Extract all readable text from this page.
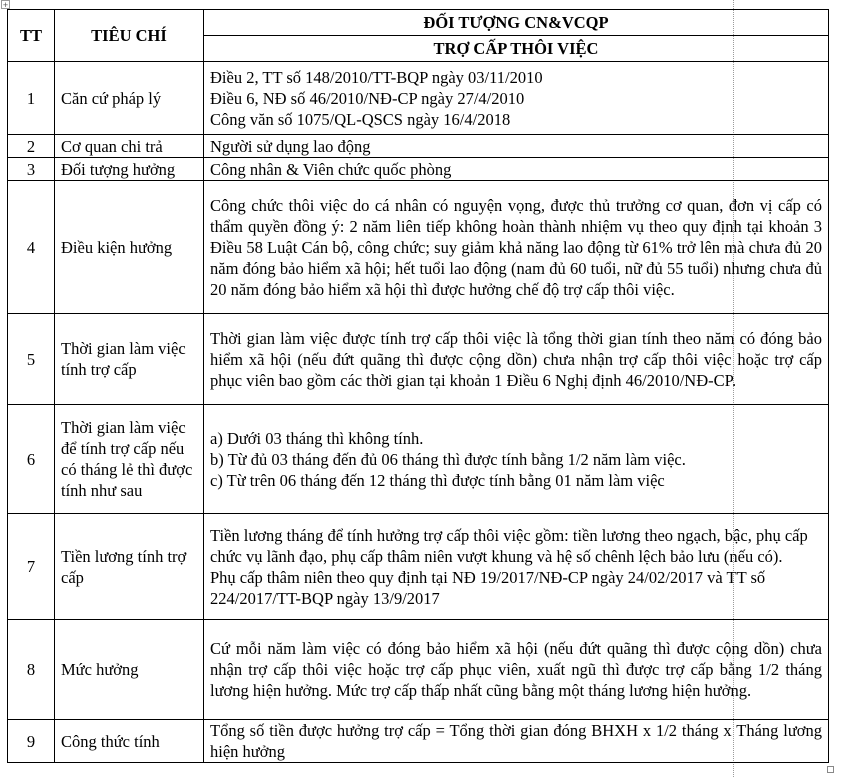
+
TT	TIÊU CHÍ	ĐỐI TƯỢNG CN&VCQP
		TRỢ CẤP THÔI VIỆC
1	Căn cứ pháp lý	Điều 2, TT số 148/2010/TT-BQP ngày 03/11/2010
Điều 6, NĐ số 46/2010/NĐ-CP ngày 27/4/2010
Công văn số 1075/QL-QSCS ngày 16/4/2018

2	Cơ quan chi trả	Người sử dụng lao động

3	Đối tượng hưởng	Công nhân & Viên chức quốc phòng

4	Điều kiện hưởng	Công chức thôi việc do cá nhân có nguyện vọng, được thủ trưởng cơ quan, đơn vị cấp có thẩm quyền đồng ý: 2 năm liên tiếp không hoàn thành nhiệm vụ theo quy định tại khoản 3 Điều 58 Luật Cán bộ, công chức; suy giảm khả năng lao động từ 61% trở lên mà chưa đủ 20 năm đóng bảo hiểm xã hội; hết tuổi lao động (nam đủ 60 tuổi, nữ đủ 55 tuổi) nhưng chưa đủ 20 năm đóng bảo hiểm xã hội thì được hưởng chế độ trợ cấp thôi việc.

5	Thời gian làm việc tính trợ cấp	Thời gian làm việc được tính trợ cấp thôi việc là tổng thời gian tính theo năm có đóng bảo hiểm xã hội (nếu đứt quãng thì được cộng dồn) chưa nhận trợ cấp thôi việc hoặc trợ cấp phục viên bao gồm các thời gian tại khoản 1 Điều 6 Nghị định 46/2010/NĐ-CP.

6	Thời gian làm việc để tính trợ cấp nếu có tháng lẻ thì được tính như sau	a) Dưới 03 tháng thì không tính.
b) Từ đủ 03 tháng đến đủ 06 tháng thì được tính bằng 1/2 năm làm việc.
c) Từ trên 06 tháng đến 12 tháng thì được tính bằng 01 năm làm việc

7	Tiền lương tính trợ cấp	Tiền lương tháng để tính hưởng trợ cấp thôi việc gồm: tiền lương theo ngạch, bậc, phụ cấp chức vụ lãnh đạo, phụ cấp thâm niên vượt khung và hệ số chênh lệch bảo lưu (nếu có).
Phụ cấp thâm niên theo quy định tại NĐ 19/2017/NĐ-CP ngày 24/02/2017 và TT số 224/2017/TT-BQP ngày 13/9/2017

8	Mức hưởng	Cứ mỗi năm làm việc có đóng bảo hiểm xã hội (nếu đứt quãng thì được cộng dồn) chưa nhận trợ cấp thôi việc hoặc trợ cấp phục viên, xuất ngũ thì được trợ cấp bằng 1/2 tháng lương hiện hưởng. Mức trợ cấp thấp nhất cũng bằng một tháng lương hiện hưởng.

9	Công thức tính	Tổng số tiền được hưởng trợ cấp = Tổng thời gian đóng BHXH x 1/2 tháng x Tháng lương hiện hưởng
